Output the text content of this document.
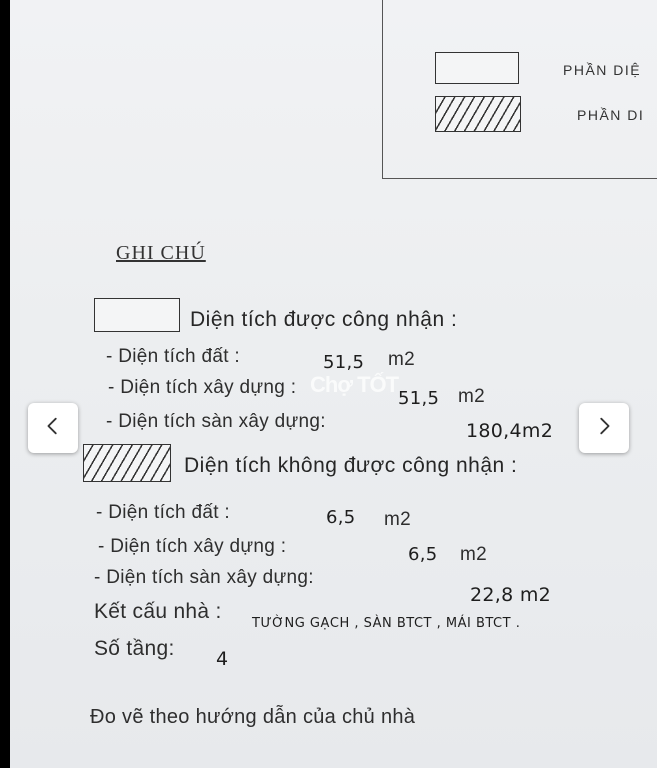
PHẦN DIỆ
PHẦN DI
GHI CHÚ
Diện tích được công nhận :
- Diện tích đất :	51,5 m2
- Diện tích xây dựng :
51,5 m2
- Diện tích sàn xây dựng:	180,4m2
Diện tích không được công nhận :
- Diện tích đất :	6,5 m2
- Diện tích xây dựng :	6,5 m2
- Diện tích sàn xây dựng:
22,8 m2
Kết cấu nhà :
TƯỜNG GẠCH , SÀN BTCT , MÁI BTCT .
Số tầng: 4
Đo vẽ theo hướng dẫn của chủ nhà
Chợ TỐT
